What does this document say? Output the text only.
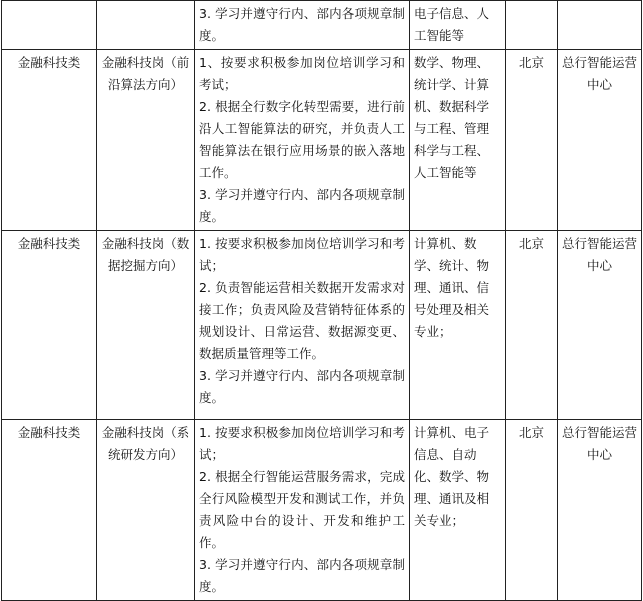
		3. 学习并遵守行内、部内各项规章制度。	电子信息、人工智能等		
金融科技类	金融科技岗（前沿算法方向）	1、按要求积极参加岗位培训学习和考试；
2. 根据全行数字化转型需要，进行前沿人工智能算法的研究，并负责人工智能算法在银行应用场景的嵌入落地工作。
3. 学习并遵守行内、部内各项规章制度。	数学、物理、统计学、计算机、数据科学与工程、管理科学与工程、人工智能等	北京	总行智能运营中心
金融科技类	金融科技岗（数据挖掘方向）	1. 按要求积极参加岗位培训学习和考试；
2. 负责智能运营相关数据开发需求对接工作；负责风险及营销特征体系的规划设计、日常运营、数据源变更、数据质量管理等工作。
3. 学习并遵守行内、部内各项规章制度。	计算机、数学、统计、物理、通讯、信号处理及相关专业；	北京	总行智能运营中心
金融科技类	金融科技岗（系统研发方向）	1. 按要求积极参加岗位培训学习和考试；
2. 根据全行智能运营服务需求，完成全行风险模型开发和测试工作，并负责风险中台的设计、开发和维护工作。
3. 学习并遵守行内、部内各项规章制度。	计算机、电子信息、自动化、数学、物理、通讯及相关专业；	北京	总行智能运营中心
